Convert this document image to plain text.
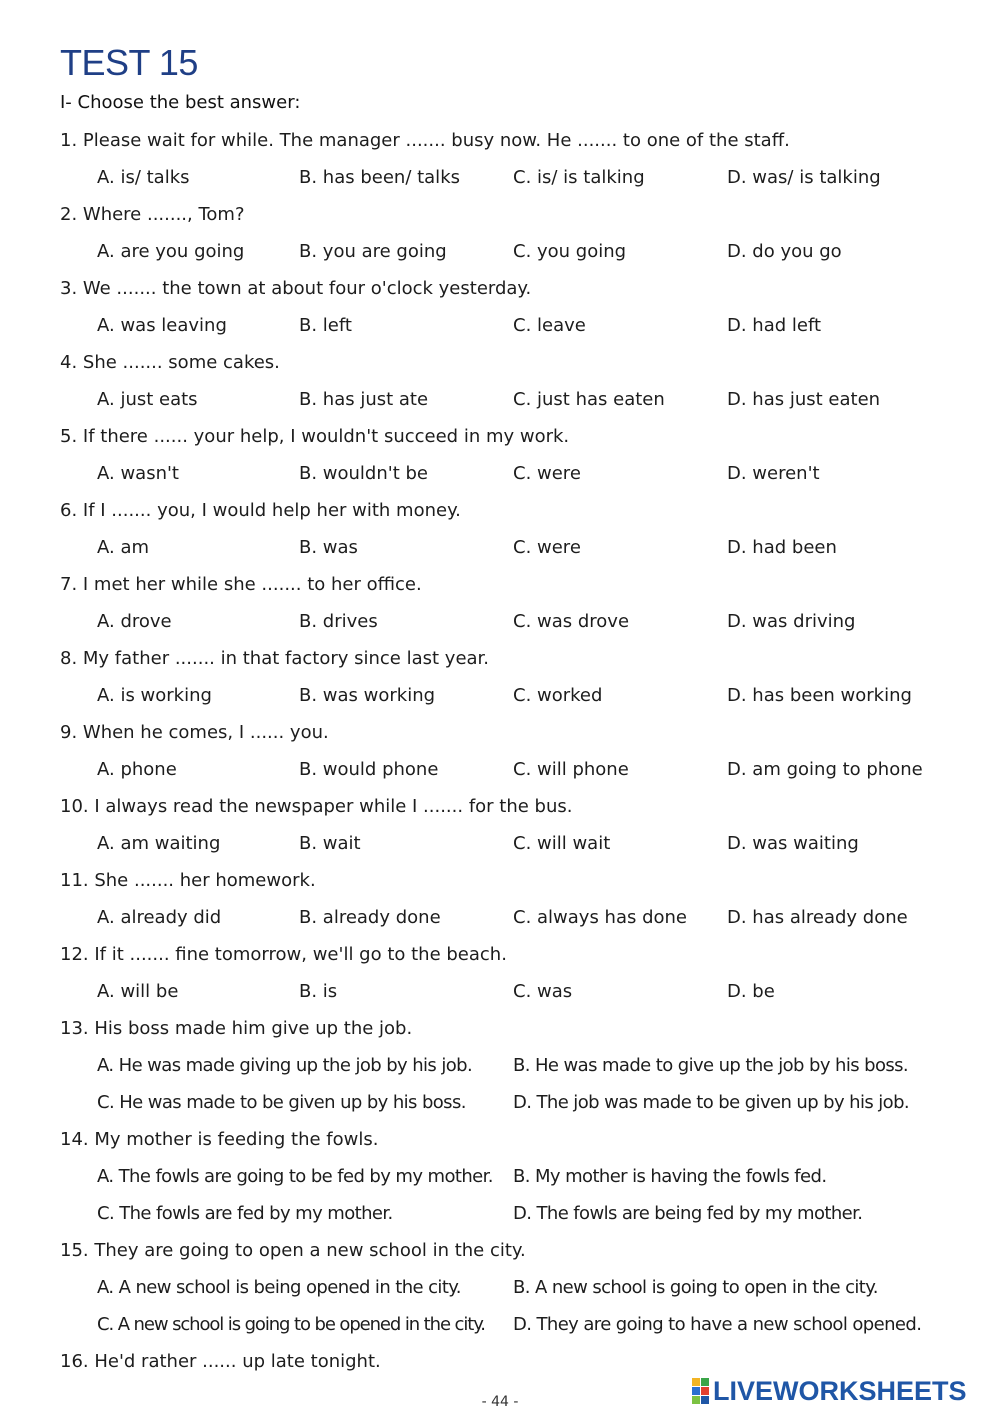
TEST 15
I- Choose the best answer:
1. Please wait for while. The manager ....... busy now. He ....... to one of the staff.
A. is/ talks	B. has been/ talks	C. is/ is talking	D. was/ is talking
2. Where ......., Tom?
A. are you going	B. you are going	C. you going	D. do you go
3. We ....... the town at about four o'clock yesterday.
A. was leaving	B. left	C. leave	D. had left
4. She ....... some cakes.
A. just eats	B. has just ate	C. just has eaten	D. has just eaten
5. If there ...... your help, I wouldn't succeed in my work.
A. wasn't	B. wouldn't be	C. were	D. weren't
6. If I ....... you, I would help her with money.
A. am	B. was	C. were	D. had been
7. I met her while she ....... to her office.
A. drove	B. drives	C. was drove	D. was driving
8. My father ....... in that factory since last year.
A. is working	B. was working	C. worked	D. has been working
9. When he comes, I ...... you.
A. phone	B. would phone	C. will phone	D. am going to phone
10. I always read the newspaper while I ....... for the bus.
A. am waiting	B. wait	C. will wait	D. was waiting
11. She ....... her homework.
A. already did	B. already done	C. always has done D. has already done
12. If it ....... fine tomorrow, we'll go to the beach.
A. will be	B. is	C. was	D. be
13. His boss made him give up the job.
A. He was made giving up the job by his job. B. He was made to give up the job by his boss.
C. He was made to be given up by his boss.	D. The job was made to be given up by his job.
14. My mother is feeding the fowls.
A. The fowls are going to be fed by my mother. B. My mother is having the fowls fed.
C. The fowls are fed by my mother.	D. The fowls are being fed by my mother.
15. They are going to open a new school in the city.
A. A new school is being opened in the city.	B. A new school is going to open in the city.
C. A new school is going to be opened in the city. D. They are going to have a new school opened.
16. He'd rather ...... up late tonight.
- 44 -	LIVEWORKSHEETS
